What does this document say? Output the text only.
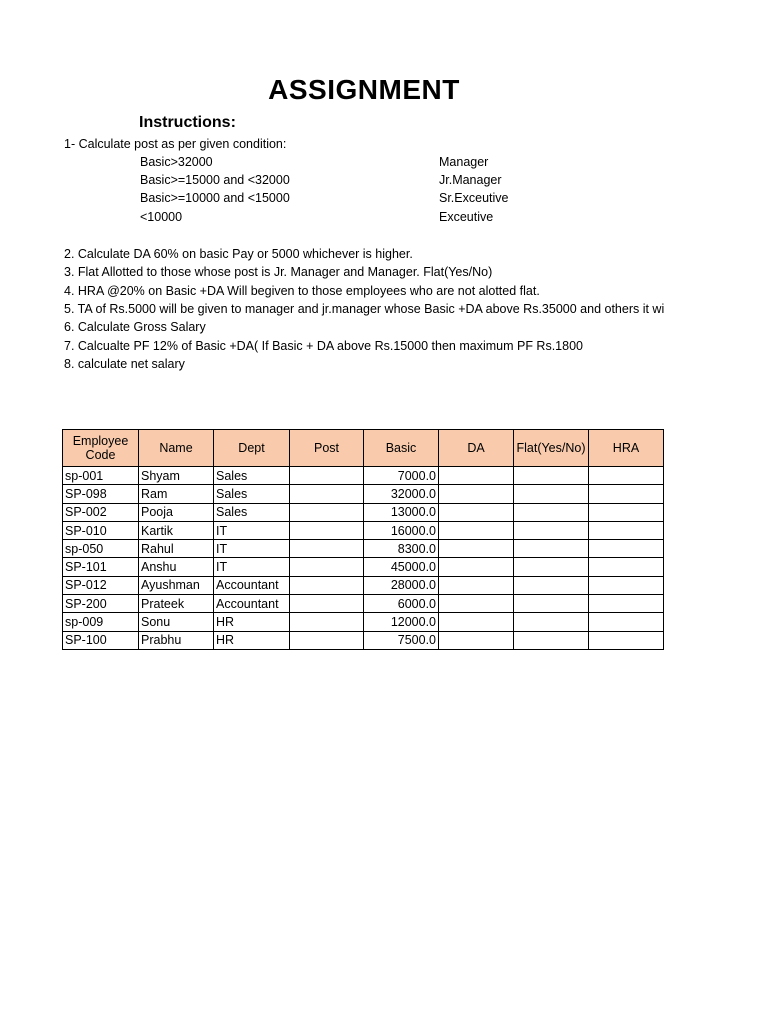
ASSIGNMENT
Instructions:
1- Calculate post as per given condition:
Basic>32000	Manager
Basic>=15000 and <32000	Jr.Manager
Basic>=10000 and <15000	Sr.Exceutive
<10000	Exceutive
2. Calculate DA 60% on basic Pay or 5000 whichever is higher.
3. Flat Allotted to those whose post is Jr. Manager and Manager. Flat(Yes/No)
4. HRA @20% on Basic +DA Will begiven to those employees who are not alotted flat.
5. TA of Rs.5000 will be given to manager and jr.manager whose Basic +DA above Rs.35000 and others it wi
6. Calculate Gross Salary
7. Calcualte PF 12% of Basic +DA( If Basic + DA above Rs.15000 then maximum PF Rs.1800
8. calculate net salary
Employee Code	Name	Dept	Post	Basic	DA	Flat(Yes/No)	HRA
sp-001	Shyam	Sales		7000.0			
SP-098	Ram	Sales		32000.0			
SP-002	Pooja	Sales		13000.0			
SP-010	Kartik	IT		16000.0			
sp-050	Rahul	IT		8300.0			
SP-101	Anshu	IT		45000.0			
SP-012	Ayushman	Accountant		28000.0			
SP-200	Prateek	Accountant		6000.0			
sp-009	Sonu	HR		12000.0			
SP-100	Prabhu	HR		7500.0			
